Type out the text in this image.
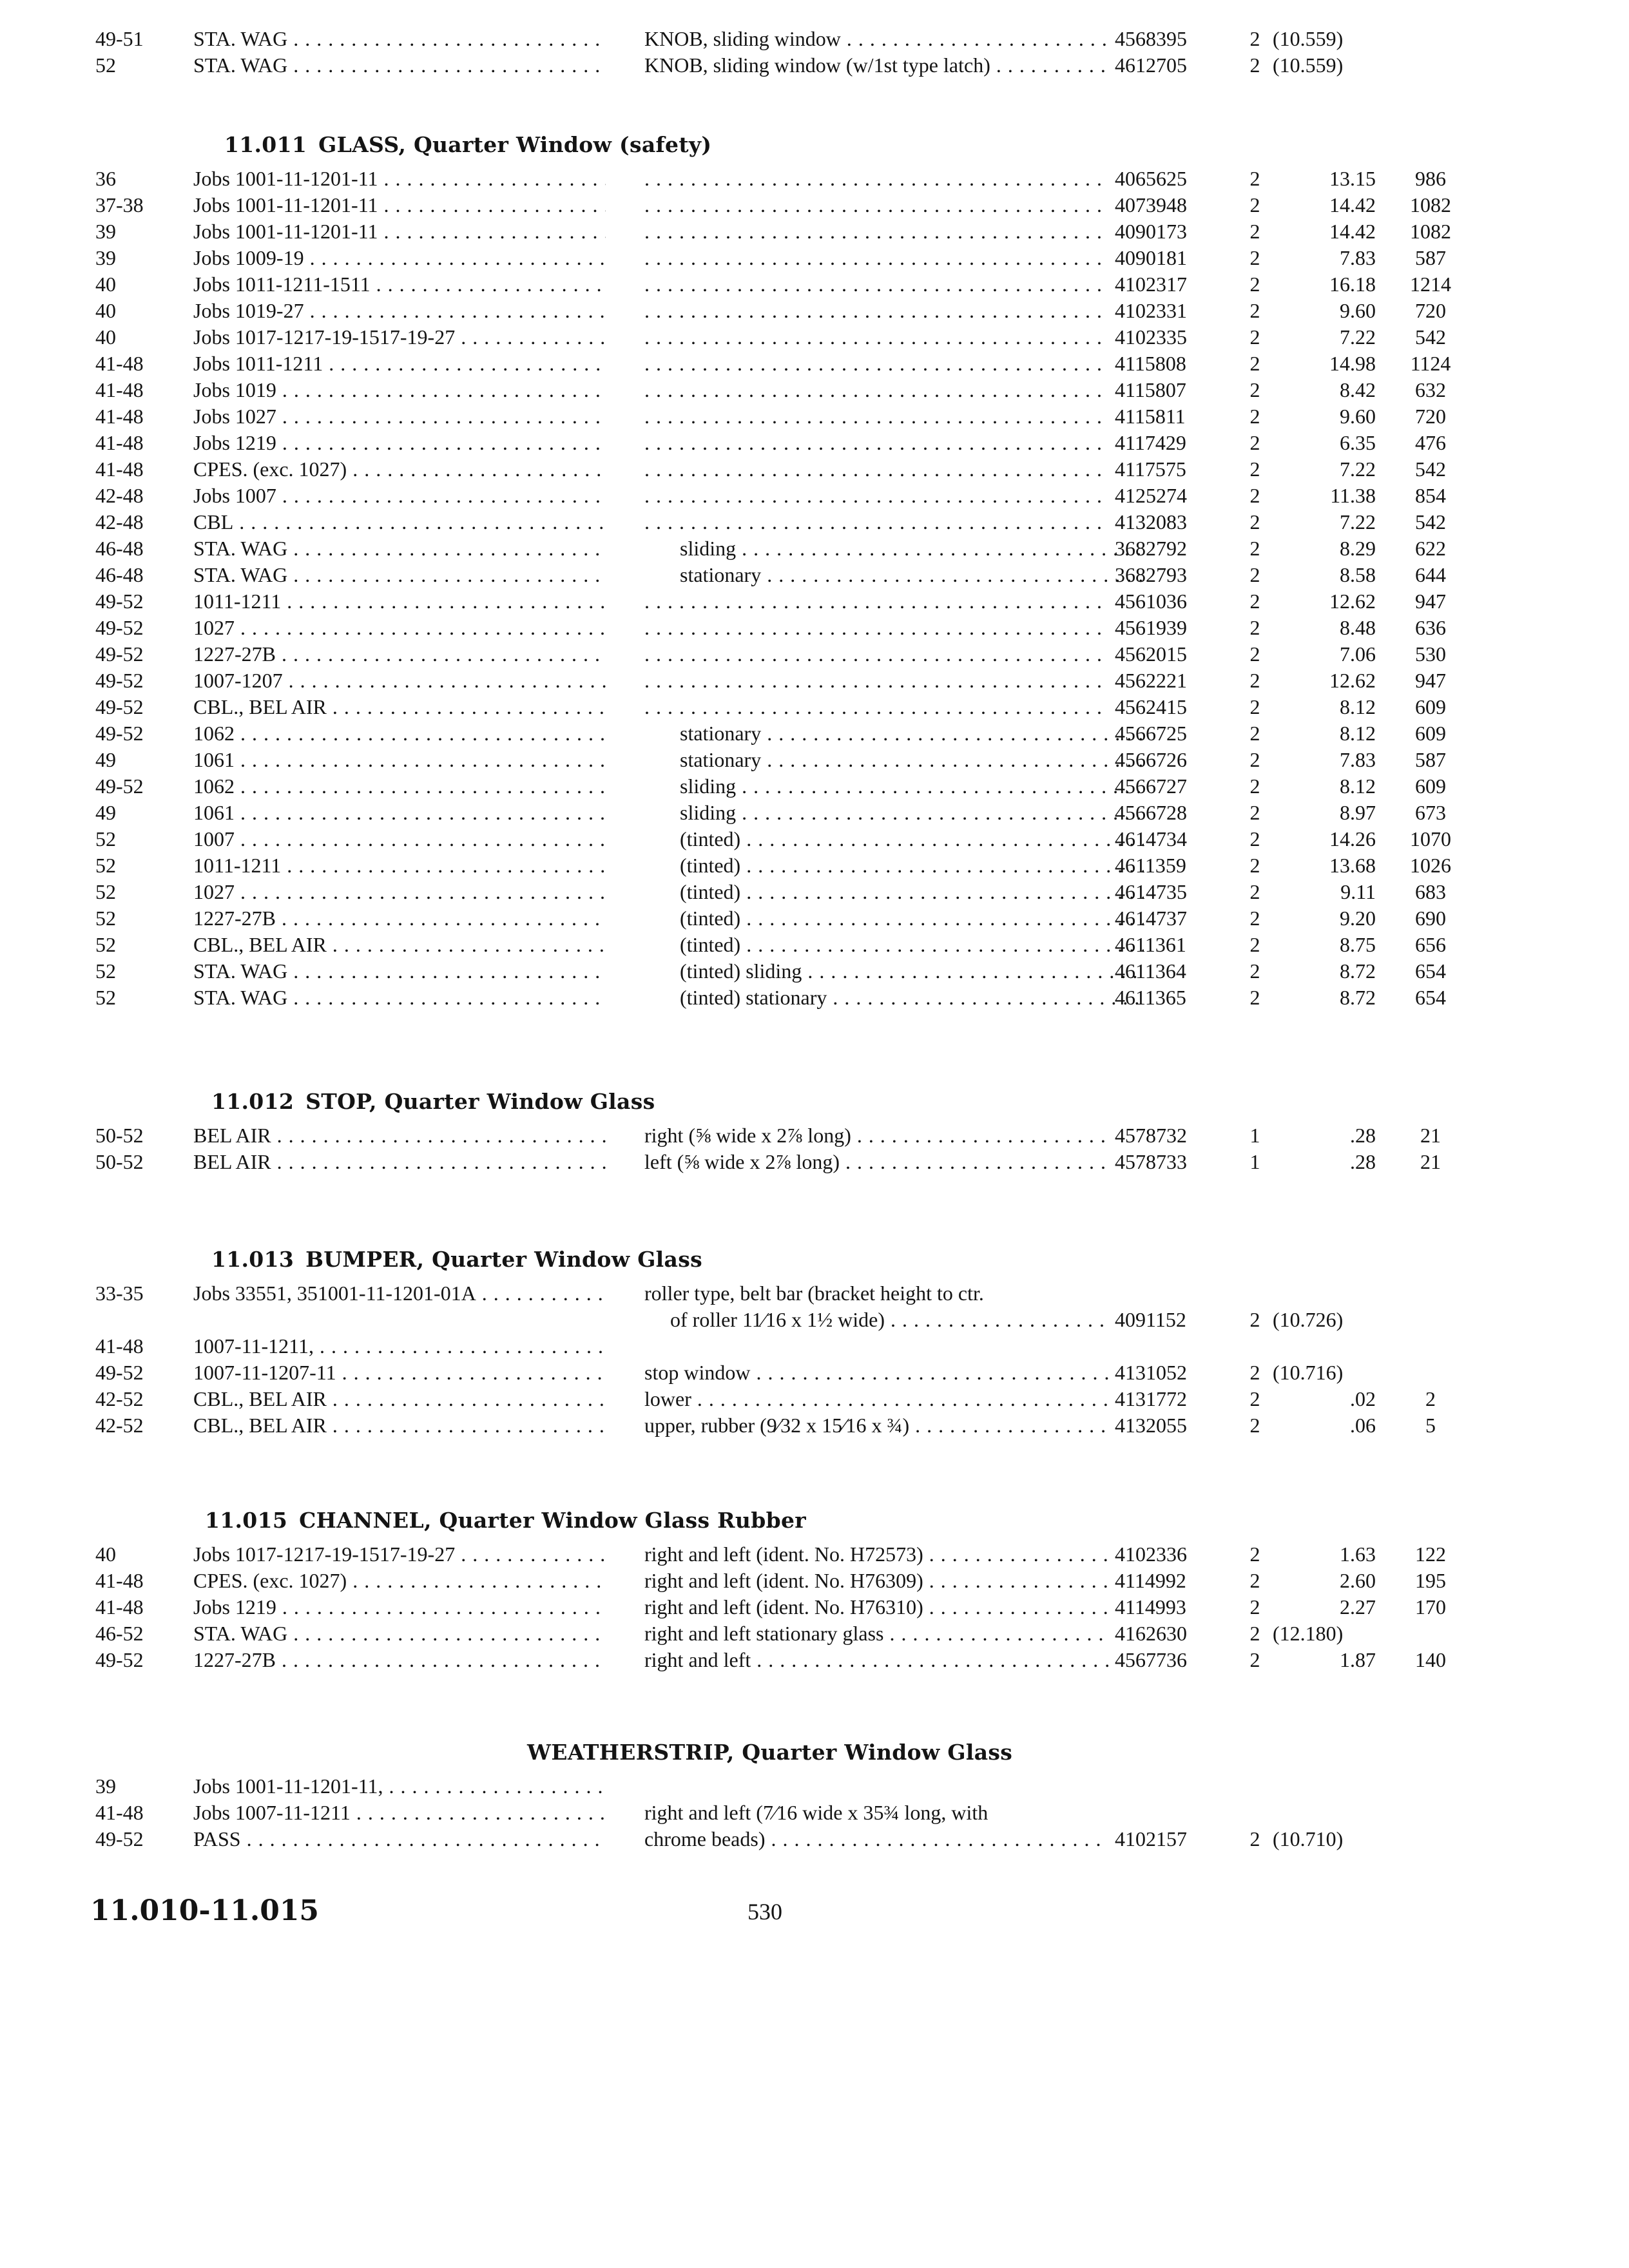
49-51	STA. WAG . . .	KNOB, sliding window . . .	4568395	2 (10.559)
52	STA. WAG . . .	KNOB, sliding window (w/1st type latch) . . .	4612705	2 (10.559)
11.011 GLASS, Quarter Window (safety)
36	Jobs 1001-11-1201-11 . . . . . .	4065625	2	13.15	986
37-38	Jobs 1001-11-1201-11 . . . . . .	4073948	2	14.42	1082
39	Jobs 1001-11-1201-11 . . . . . .	4090173	2	14.42	1082
39	Jobs 1009-19 . . . . . .	4090181	2	7.83	587
40	Jobs 1011-1211-1511 . . . . . .	4102317	2	16.18	1214
40	Jobs 1019-27 . . . . . .	4102331	2	9.60	720
40	Jobs 1017-1217-19-1517-19-27 . . . . . .	4102335	2	7.22	542
41-48	Jobs 1011-1211 . . . . . .	4115808	2	14.98	1124
41-48	Jobs 1019 . . . . . .	4115807	2	8.42	632
41-48	Jobs 1027 . . . . . .	4115811	2	9.60	720
41-48	Jobs 1219 . . . . . .	4117429	2	6.35	476
41-48	CPES. (exc. 1027) . . . . . .	4117575	2	7.22	542
42-48	Jobs 1007 . . . . . .	4125274	2	11.38	854
42-48	CBL . . . . . .	4132083	2	7.22	542
46-48	STA. WAG . . .	sliding . . .	3682792	2	8.29	622
46-48	STA. WAG . . .	stationary . . .	3682793	2	8.58	644
49-52	1011-1211 . . . . . .	4561036	2	12.62	947
49-52	1027 . . . . . .	4561939	2	8.48	636
49-52	1227-27B . . . . . .	4562015	2	7.06	530
49-52	1007-1207 . . . . . .	4562221	2	12.62	947
49-52	CBL., BEL AIR . . . . . .	4562415	2	8.12	609
49-52	1062 . . .	stationary . . .	4566725	2	8.12	609
49	1061 . . .	stationary . . .	4566726	2	7.83	587
49-52	1062 . . .	sliding . . .	4566727	2	8.12	609
49	1061 . . .	sliding . . .	4566728	2	8.97	673
52	1007 . . .	(tinted) . . .	4614734	2	14.26	1070
52	1011-1211 . . .	(tinted) . . .	4611359	2	13.68	1026
52	1027 . . .	(tinted) . . .	4614735	2	9.11	683
52	1227-27B . . .	(tinted) . . .	4614737	2	9.20	690
52	CBL., BEL AIR . . .	(tinted) . . .	4611361	2	8.75	656
52	STA. WAG . . .	(tinted) sliding . . .	4611364	2	8.72	654
52	STA. WAG . . .	(tinted) stationary . . .	4611365	2	8.72	654
11.012 STOP, Quarter Window Glass
50-52	BEL AIR . . .	right (⅝ wide x 2⅞ long) . . .	4578732	1	.28	21
50-52	BEL AIR . . .	left (⅝ wide x 2⅞ long) . . .	4578733	1	.28	21
11.013 BUMPER, Quarter Window Glass
33-35	Jobs 33551, 351001-11-1201-01A . . .	roller type, belt bar (bracket height to ctr.
of roller 11⁄16 x 1½ wide) . . .	4091152	2 (10.726)
41-48	1007-11-1211, . . .
49-52	1007-11-1207-11 . . .	stop window . . .	4131052	2 (10.716)
42-52	CBL., BEL AIR . . .	lower . . .	4131772	2	.02	2
42-52	CBL., BEL AIR . . .	upper, rubber (9⁄32 x 15⁄16 x ¾) . . .	4132055	2	.06	5
11.015 CHANNEL, Quarter Window Glass Rubber
40	Jobs 1017-1217-19-1517-19-27 . . .	right and left (ident. No. H72573) . . .	4102336	2	1.63	122
41-48	CPES. (exc. 1027) . . .	right and left (ident. No. H76309) . . .	4114992	2	2.60	195
41-48	Jobs 1219 . . .	right and left (ident. No. H76310) . . .	4114993	2	2.27	170
46-52	STA. WAG . . .	right and left stationary glass . . .	4162630	2 (12.180)
49-52	1227-27B . . .	right and left . . .	4567736	2	1.87	140
WEATHERSTRIP, Quarter Window Glass
39	Jobs 1001-11-1201-11, . . .
41-48	Jobs 1007-11-1211 . . .	right and left (7⁄16 wide x 35¾ long, with
49-52	PASS . . .	chrome beads) . . .	4102157	2 (10.710)
11.010-11.015	530
